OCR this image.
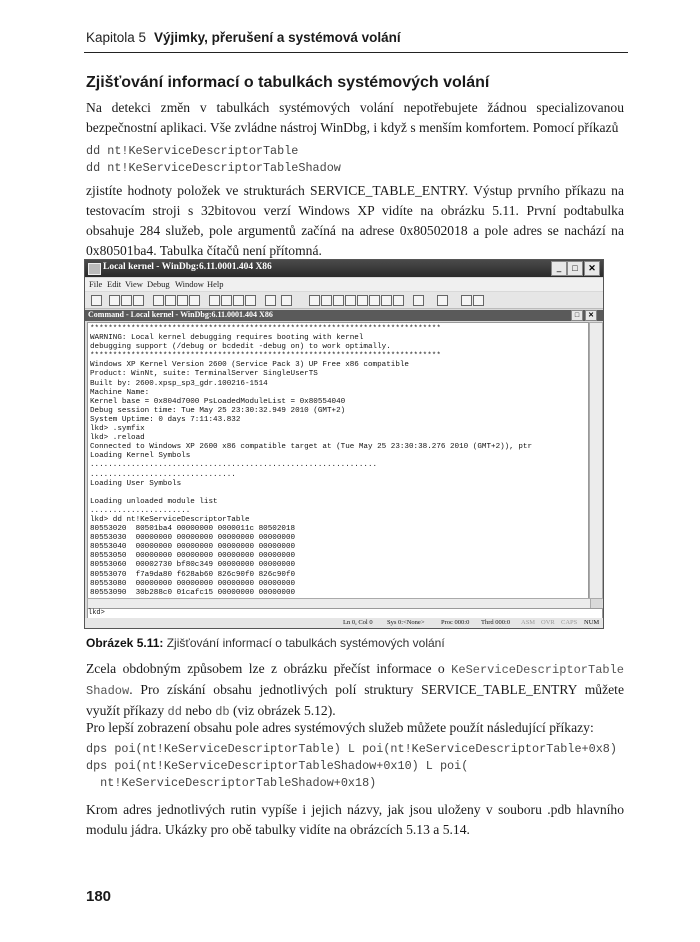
Kapitola 5 Výjimky, přerušení a systémová volání
Zjišťování informací o tabulkách systémových volání
Na detekci změn v tabulkách systémových volání nepotřebujete žádnou specializovanou bezpečnostní aplikaci. Vše zvládne nástroj WinDbg, i když s menším komfortem. Pomocí příkazů
dd nt!KeServiceDescriptorTable
dd nt!KeServiceDescriptorTableShadow
zjistíte hodnoty položek ve strukturách SERVICE_TABLE_ENTRY. Výstup prvního příkazu na testovacím stroji s 32bitovou verzí Windows XP vidíte na obrázku 5.11. První podtabulka obsahuje 284 služeb, pole argumentů začíná na adrese 0x80502018 a pole adres se nachází na 0x80501ba4. Tabulka čítačů není přítomná.
Local kernel - WinDbg:6.11.0001.404 X86	_	□	✕
File Edit View Debug Window Help
Command - Local kernel - WinDbg:6.11.0001.404 X86	□	✕
*****************************************************************************
WARNING: Local kernel debugging requires booting with kernel
debugging support (/debug or bcdedit -debug on) to work optimally.
*****************************************************************************
Windows XP Kernel Version 2600 (Service Pack 3) UP Free x86 compatible
Product: WinNt, suite: TerminalServer SingleUserTS
Built by: 2600.xpsp_sp3_gdr.100216-1514
Machine Name:
Kernel base = 0x804d7000 PsLoadedModuleList = 0x80554040
Debug session time: Tue May 25 23:30:32.949 2010 (GMT+2)
System Uptime: 0 days 7:11:43.832
lkd> .symfix
lkd> .reload
Connected to Windows XP 2600 x86 compatible target at (Tue May 25 23:30:38.276 2010 (GMT+2)), ptr
Loading Kernel Symbols
...............................................................
................................
Loading User Symbols

Loading unloaded module list
......................
lkd> dd nt!KeServiceDescriptorTable
80553020  80501ba4 00000000 0000011c 80502018
80553030  00000000 00000000 00000000 00000000
80553040  00000000 00000000 00000000 00000000
80553050  00000000 00000000 00000000 00000000
80553060  00002730 bf80c349 00000000 00000000
80553070  f7a9da80 f628ab60 826c90f0 826c90f0
80553080  00000000 00000000 00000000 00000000
80553090  30b288c0 01cafc15 00000000 00000000
lkd>
Ln 0, Col 0 Sys 0:<None>	Proc 000:0 Thrd 000:0 ASM OVR CAPS NUM
Obrázek 5.11: Zjišťování informací o tabulkách systémových volání
Zcela obdobným způsobem lze z obrázku přečíst informace o KeServiceDescriptorTable Shadow. Pro získání obsahu jednotlivých polí struktury SERVICE_TABLE_ENTRY můžete využít příkazy dd nebo db (viz obrázek 5.12).
Pro lepší zobrazení obsahu pole adres systémových služeb můžete použít následující příkazy:
dps poi(nt!KeServiceDescriptorTable) L poi(nt!KeServiceDescriptorTable+0x8)
dps poi(nt!KeServiceDescriptorTableShadow+0x10) L poi(
nt!KeServiceDescriptorTableShadow+0x18)
Krom adres jednotlivých rutin vypíše i jejich názvy, jak jsou uloženy v souboru .pdb hlavního modulu jádra. Ukázky pro obě tabulky vidíte na obrázcích 5.13 a 5.14.
180
